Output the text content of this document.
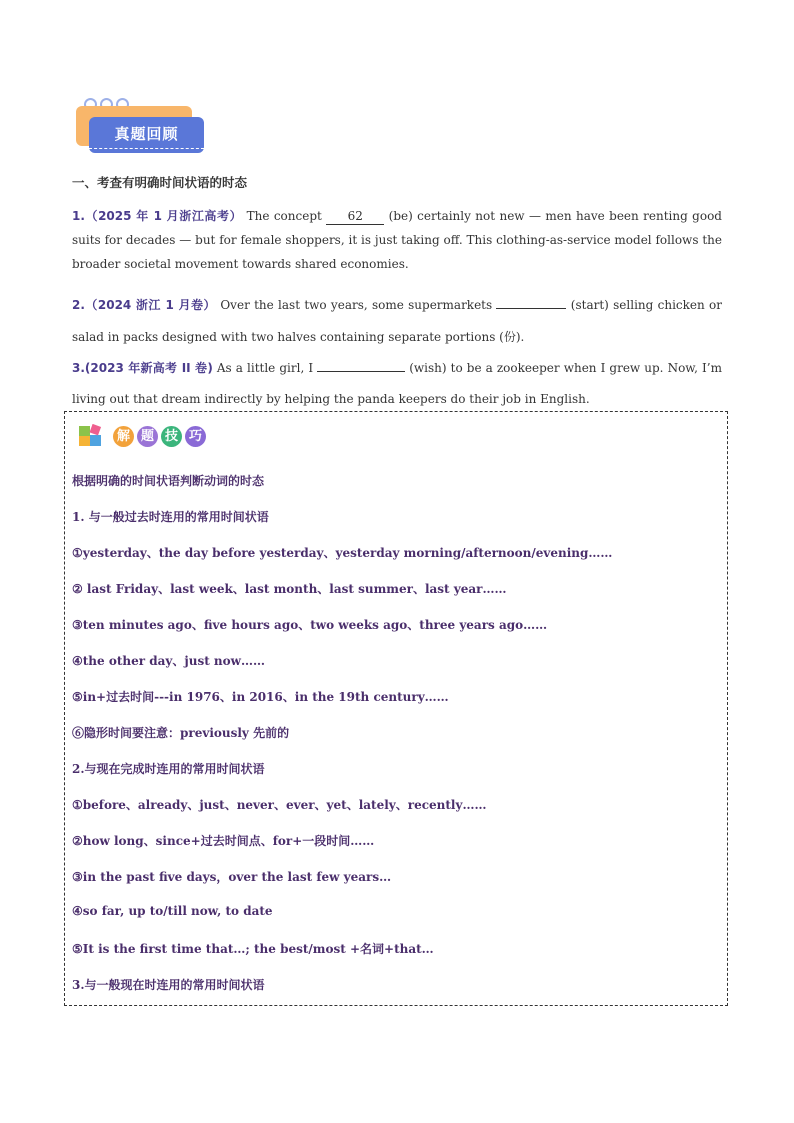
真题回顾
一、考查有明确时间状语的时态
1.（2025 年 1 月浙江高考） The concept 62 (be) certainly not new — men have been renting good suits for decades — but for female shoppers, it is just taking off. This clothing-as-service model follows the broader societal movement towards shared economies.
2.（2024 浙江 1 月卷） Over the last two years, some supermarkets	(start) selling chicken or salad in packs designed with two halves containing separate portions (份).
3.(2023 年新高考 II 卷) As a little girl, I	(wish) to be a zookeeper when I grew up. Now, I’m living out that dream indirectly by helping the panda keepers do their job in English.
解 题 技 巧
根据明确的时间状语判断动词的时态
1. 与一般过去时连用的常用时间状语
①yesterday、the day before yesterday、yesterday morning/afternoon/evening……
② last Friday、last week、last month、last summer、last year……
③ten minutes ago、five hours ago、two weeks ago、three years ago……
④the other day、just now……
⑤in+过去时间---in 1976、in 2016、in the 19th century……
⑥隐形时间要注意：previously 先前的
2.与现在完成时连用的常用时间状语
①before、already、just、never、ever、yet、lately、recently……
②how long、since+过去时间点、for+一段时间……
③in the past five days，over the last few years…
④so far, up to/till now, to date
⑤It is the first time that…; the best/most +名词+that…
3.与一般现在时连用的常用时间状语
